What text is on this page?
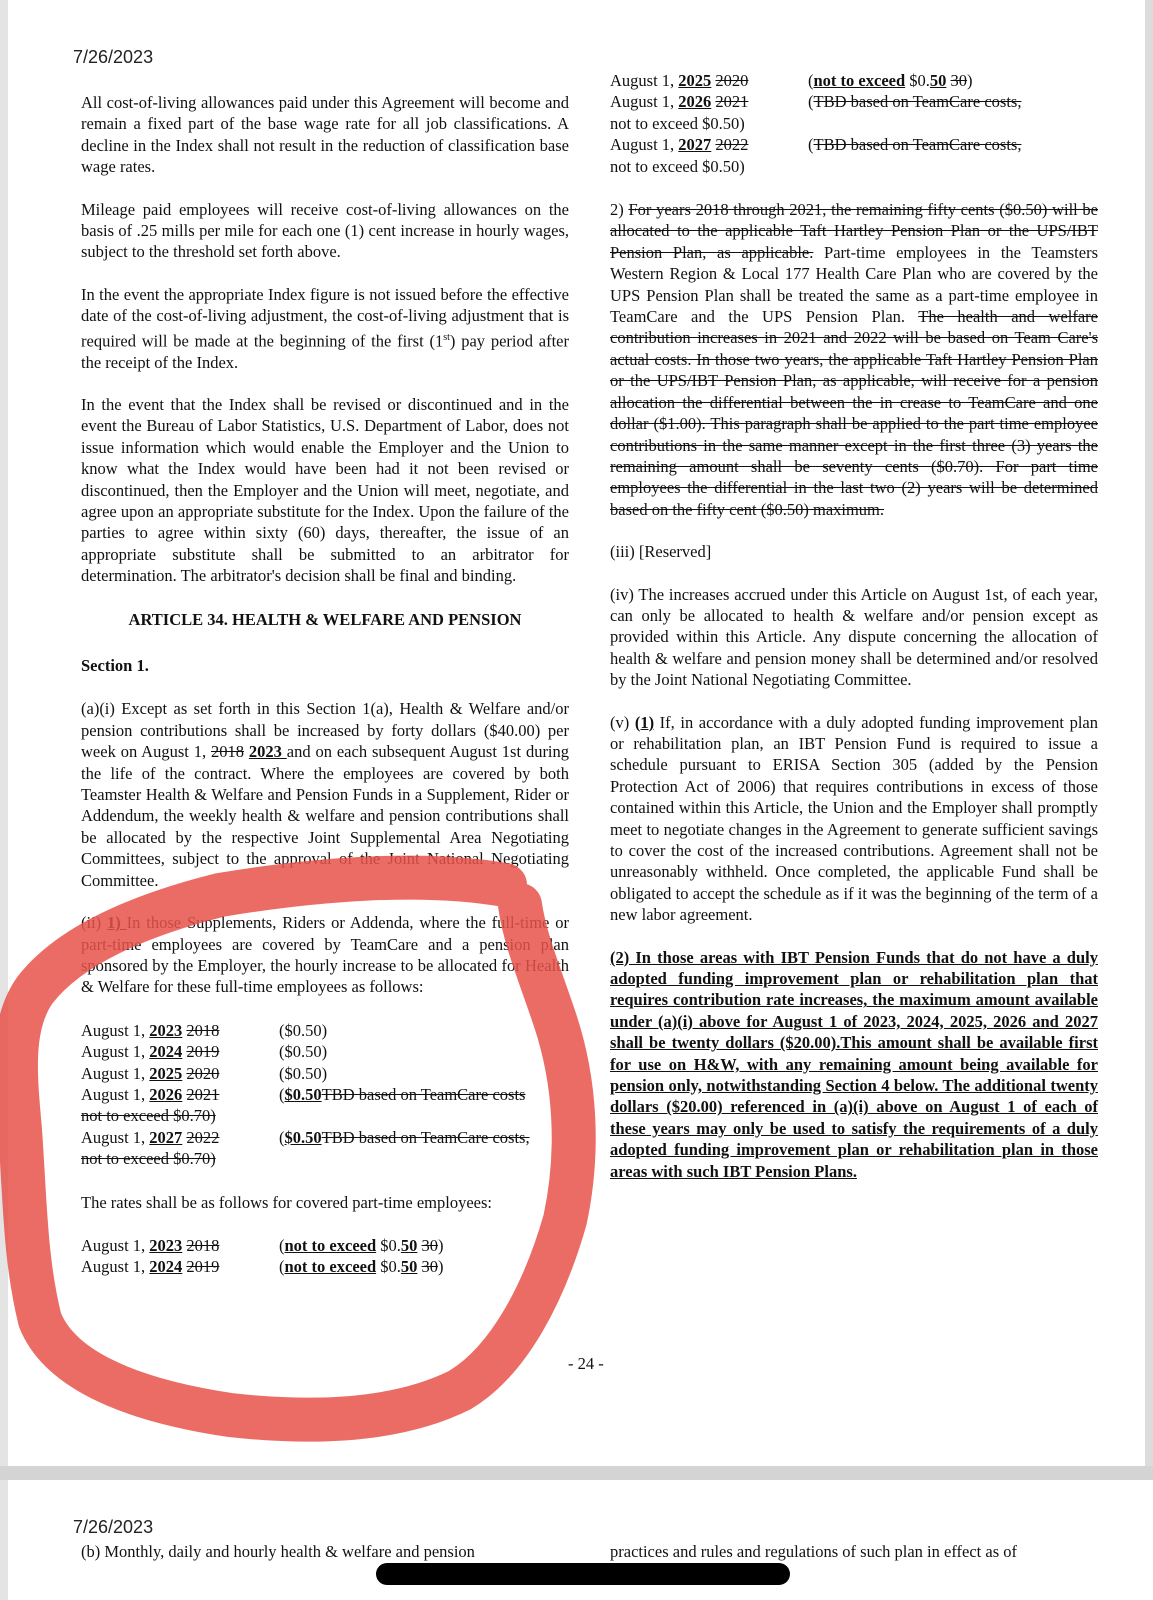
7/26/2023

All cost-of-living allowances paid under this Agreement will become and remain a fixed part of the base wage rate for all job classifications. A decline in the Index shall not result in the reduction of classification base wage rates.

Mileage paid employees will receive cost-of-living allowances on the basis of .25 mills per mile for each one (1) cent increase in hourly wages, subject to the threshold set forth above.

In the event the appropriate Index figure is not issued before the effective date of the cost-of-living adjustment, the cost-of-living adjustment that is required will be made at the beginning of the first (1st) pay period after the receipt of the Index.

In the event that the Index shall be revised or discontinued and in the event the Bureau of Labor Statistics, U.S. Department of Labor, does not issue information which would enable the Employer and the Union to know what the Index would have been had it not been revised or discontinued, then the Employer and the Union will meet, negotiate, and agree upon an appropriate substitute for the Index. Upon the failure of the parties to agree within sixty (60) days, thereafter, the issue of an appropriate substitute shall be submitted to an arbitrator for determination. The arbitrator's decision shall be final and binding.

ARTICLE 34. HEALTH & WELFARE AND PENSION

Section 1.

(a)(i) Except as set forth in this Section 1(a), Health & Welfare and/or pension contributions shall be increased by forty dollars ($40.00) per week on August 1, 2018 2023 and on each subsequent August 1st during the life of the contract. Where the employees are covered by both Teamster Health & Welfare and Pension Funds in a Supplement, Rider or Addendum, the weekly health & welfare and pension contributions shall be allocated by the respective Joint Supplemental Area Negotiating Committees, subject to the approval of the Joint National Negotiating Committee.

(ii) 1) In those Supplements, Riders or Addenda, where the full-time or part-time employees are covered by TeamCare and a pension plan sponsored by the Employer, the hourly increase to be allocated for Health & Welfare for these full-time employees as follows:

August 1, 2023 2018	($0.50)
August 1, 2024 2019	($0.50)
August 1, 2025 2020	($0.50)
August 1, 2026 2021	($0.50TBD based on TeamCare costs
not to exceed $0.70)	
August 1, 2027 2022	($0.50TBD based on TeamCare costs,
not to exceed $0.70)	

The rates shall be as follows for covered part-time employees:

August 1, 2023 2018	(not to exceed $0.50 30)
August 1, 2024 2019	(not to exceed $0.50 30)
August 1, 2025 2020	(not to exceed $0.50 30)
August 1, 2026 2021	(TBD based on TeamCare costs,
not to exceed $0.50)	
August 1, 2027 2022	(TBD based on TeamCare costs,
not to exceed $0.50)	

2) For years 2018 through 2021, the remaining fifty cents ($0.50) will be allocated to the applicable Taft Hartley Pension Plan or the UPS/IBT Pension Plan, as applicable. Part-time employees in the Teamsters Western Region & Local 177 Health Care Plan who are covered by the UPS Pension Plan shall be treated the same as a part-time employee in TeamCare and the UPS Pension Plan. The health and welfare contribution increases in 2021 and 2022 will be based on Team Care's actual costs. In those two years, the applicable Taft Hartley Pension Plan or the UPS/IBT Pension Plan, as applicable, will receive for a pension allocation the differential between the in crease to TeamCare and one dollar ($1.00). This paragraph shall be applied to the part time employee contributions in the same manner except in the first three (3) years the remaining amount shall be seventy cents ($0.70). For part time employees the differential in the last two (2) years will be determined based on the fifty cent ($0.50) maximum.

(iii) [Reserved]

(iv) The increases accrued under this Article on August 1st, of each year, can only be allocated to health & welfare and/or pension except as provided within this Article. Any dispute concerning the allocation of health & welfare and pension money shall be determined and/or resolved by the Joint National Negotiating Committee.

(v) (1) If, in accordance with a duly adopted funding improvement plan or rehabilitation plan, an IBT Pension Fund is required to issue a schedule pursuant to ERISA Section 305 (added by the Pension Protection Act of 2006) that requires contributions in excess of those contained within this Article, the Union and the Employer shall promptly meet to negotiate changes in the Agreement to generate sufficient savings to cover the cost of the increased contributions. Agreement shall not be unreasonably withheld. Once completed, the applicable Fund shall be obligated to accept the schedule as if it was the beginning of the term of a new labor agreement.

(2) In those areas with IBT Pension Funds that do not have a duly adopted funding improvement plan or rehabilitation plan that requires contribution rate increases, the maximum amount available under (a)(i) above for August 1 of 2023, 2024, 2025, 2026 and 2027 shall be twenty dollars ($20.00).This amount shall be available first for use on H&W, with any remaining amount being available for pension only, notwithstanding Section 4 below. The additional twenty dollars ($20.00) referenced in (a)(i) above on August 1 of each of these years may only be used to satisfy the requirements of a duly adopted funding improvement plan or rehabilitation plan in those areas with such IBT Pension Plans.

- 24 -
7/26/2023
(b) Monthly, daily and hourly health & welfare and pension	practices and rules and regulations of such plan in effect as of
